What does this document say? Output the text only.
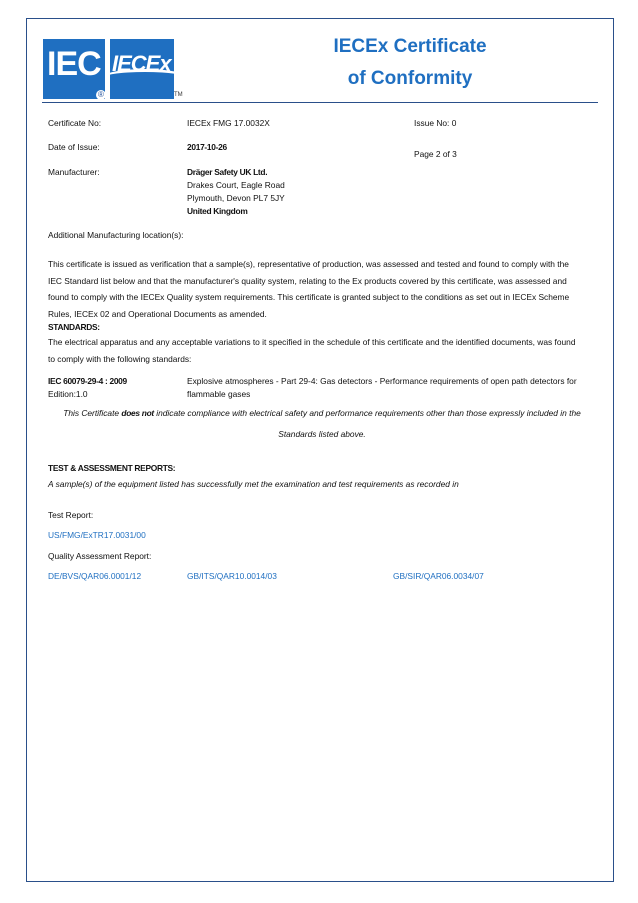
IEC
®
IECEx
TM
IECEx Certificate
of Conformity
Certificate No:	IECEx FMG 17.0032X	Issue No: 0
Date of Issue:	2017-10-26
Page 2 of 3
Manufacturer:	Dräger Safety UK Ltd.
Drakes Court, Eagle Road
Plymouth, Devon PL7 5JY
United Kingdom
Additional Manufacturing location(s):
This certificate is issued as verification that a sample(s), representative of production, was assessed and tested and found to comply with the
IEC Standard list below and that the manufacturer's quality system, relating to the Ex products covered by this certificate, was assessed and
found to comply with the IECEx Quality system requirements. This certificate is granted subject to the conditions as set out in IECEx Scheme
Rules, IECEx 02 and Operational Documents as amended.
STANDARDS:
The electrical apparatus and any acceptable variations to it specified in the schedule of this certificate and the identified documents, was found
to comply with the following standards:
IEC 60079-29-4 : 2009
Edition:1.0
Explosive atmospheres - Part 29-4: Gas detectors - Performance requirements of open path detectors for
flammable gases
This Certificate does not indicate compliance with electrical safety and performance requirements other than those expressly included in the
Standards listed above.
TEST & ASSESSMENT REPORTS:
A sample(s) of the equipment listed has successfully met the examination and test requirements as recorded in
Test Report:
US/FMG/ExTR17.0031/00
Quality Assessment Report:
DE/BVS/QAR06.0001/12	GB/ITS/QAR10.0014/03	GB/SIR/QAR06.0034/07
